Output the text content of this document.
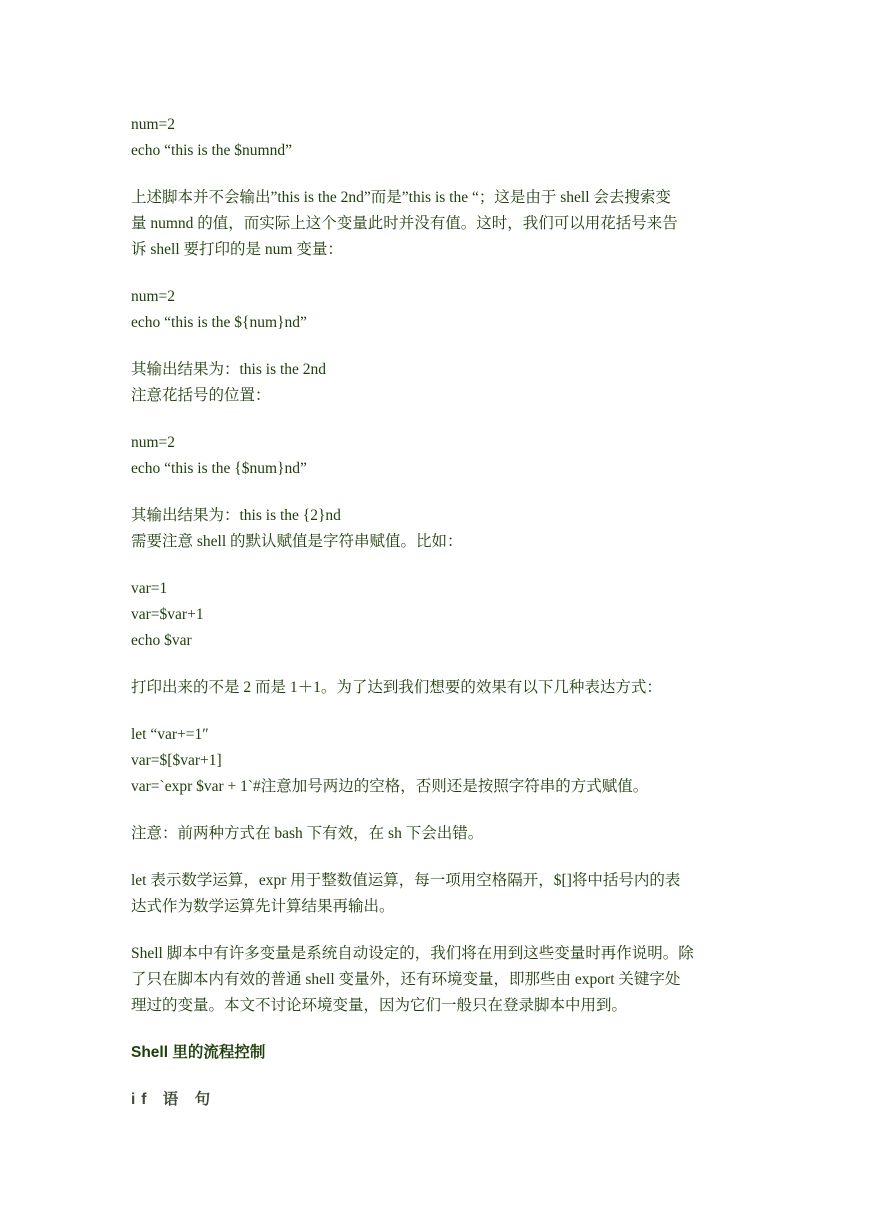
num=2
echo “this is the $numnd”
上述脚本并不会输出”this is the 2nd”而是”this is the “；这是由于 shell 会去搜索变
量 numnd 的值，而实际上这个变量此时并没有值。这时，我们可以用花括号来告
诉 shell 要打印的是 num 变量：
num=2
echo “this is the ${num}nd”
其输出结果为：this is the 2nd
注意花括号的位置：
num=2
echo “this is the {$num}nd”
其输出结果为：this is the {2}nd
需要注意 shell 的默认赋值是字符串赋值。比如：
var=1
var=$var+1
echo $var
打印出来的不是 2 而是 1＋1。为了达到我们想要的效果有以下几种表达方式：
let “var+=1″
var=$[$var+1]
var=`expr $var + 1`#注意加号两边的空格，否则还是按照字符串的方式赋值。
注意：前两种方式在 bash 下有效，在 sh 下会出错。
let 表示数学运算，expr 用于整数值运算，每一项用空格隔开，$[]将中括号内的表
达式作为数学运算先计算结果再输出。
Shell 脚本中有许多变量是系统自动设定的，我们将在用到这些变量时再作说明。除
了只在脚本内有效的普通 shell 变量外，还有环境变量，即那些由 export 关键字处
理过的变量。本文不讨论环境变量，因为它们一般只在登录脚本中用到。
Shell 里的流程控制
if 语 句
